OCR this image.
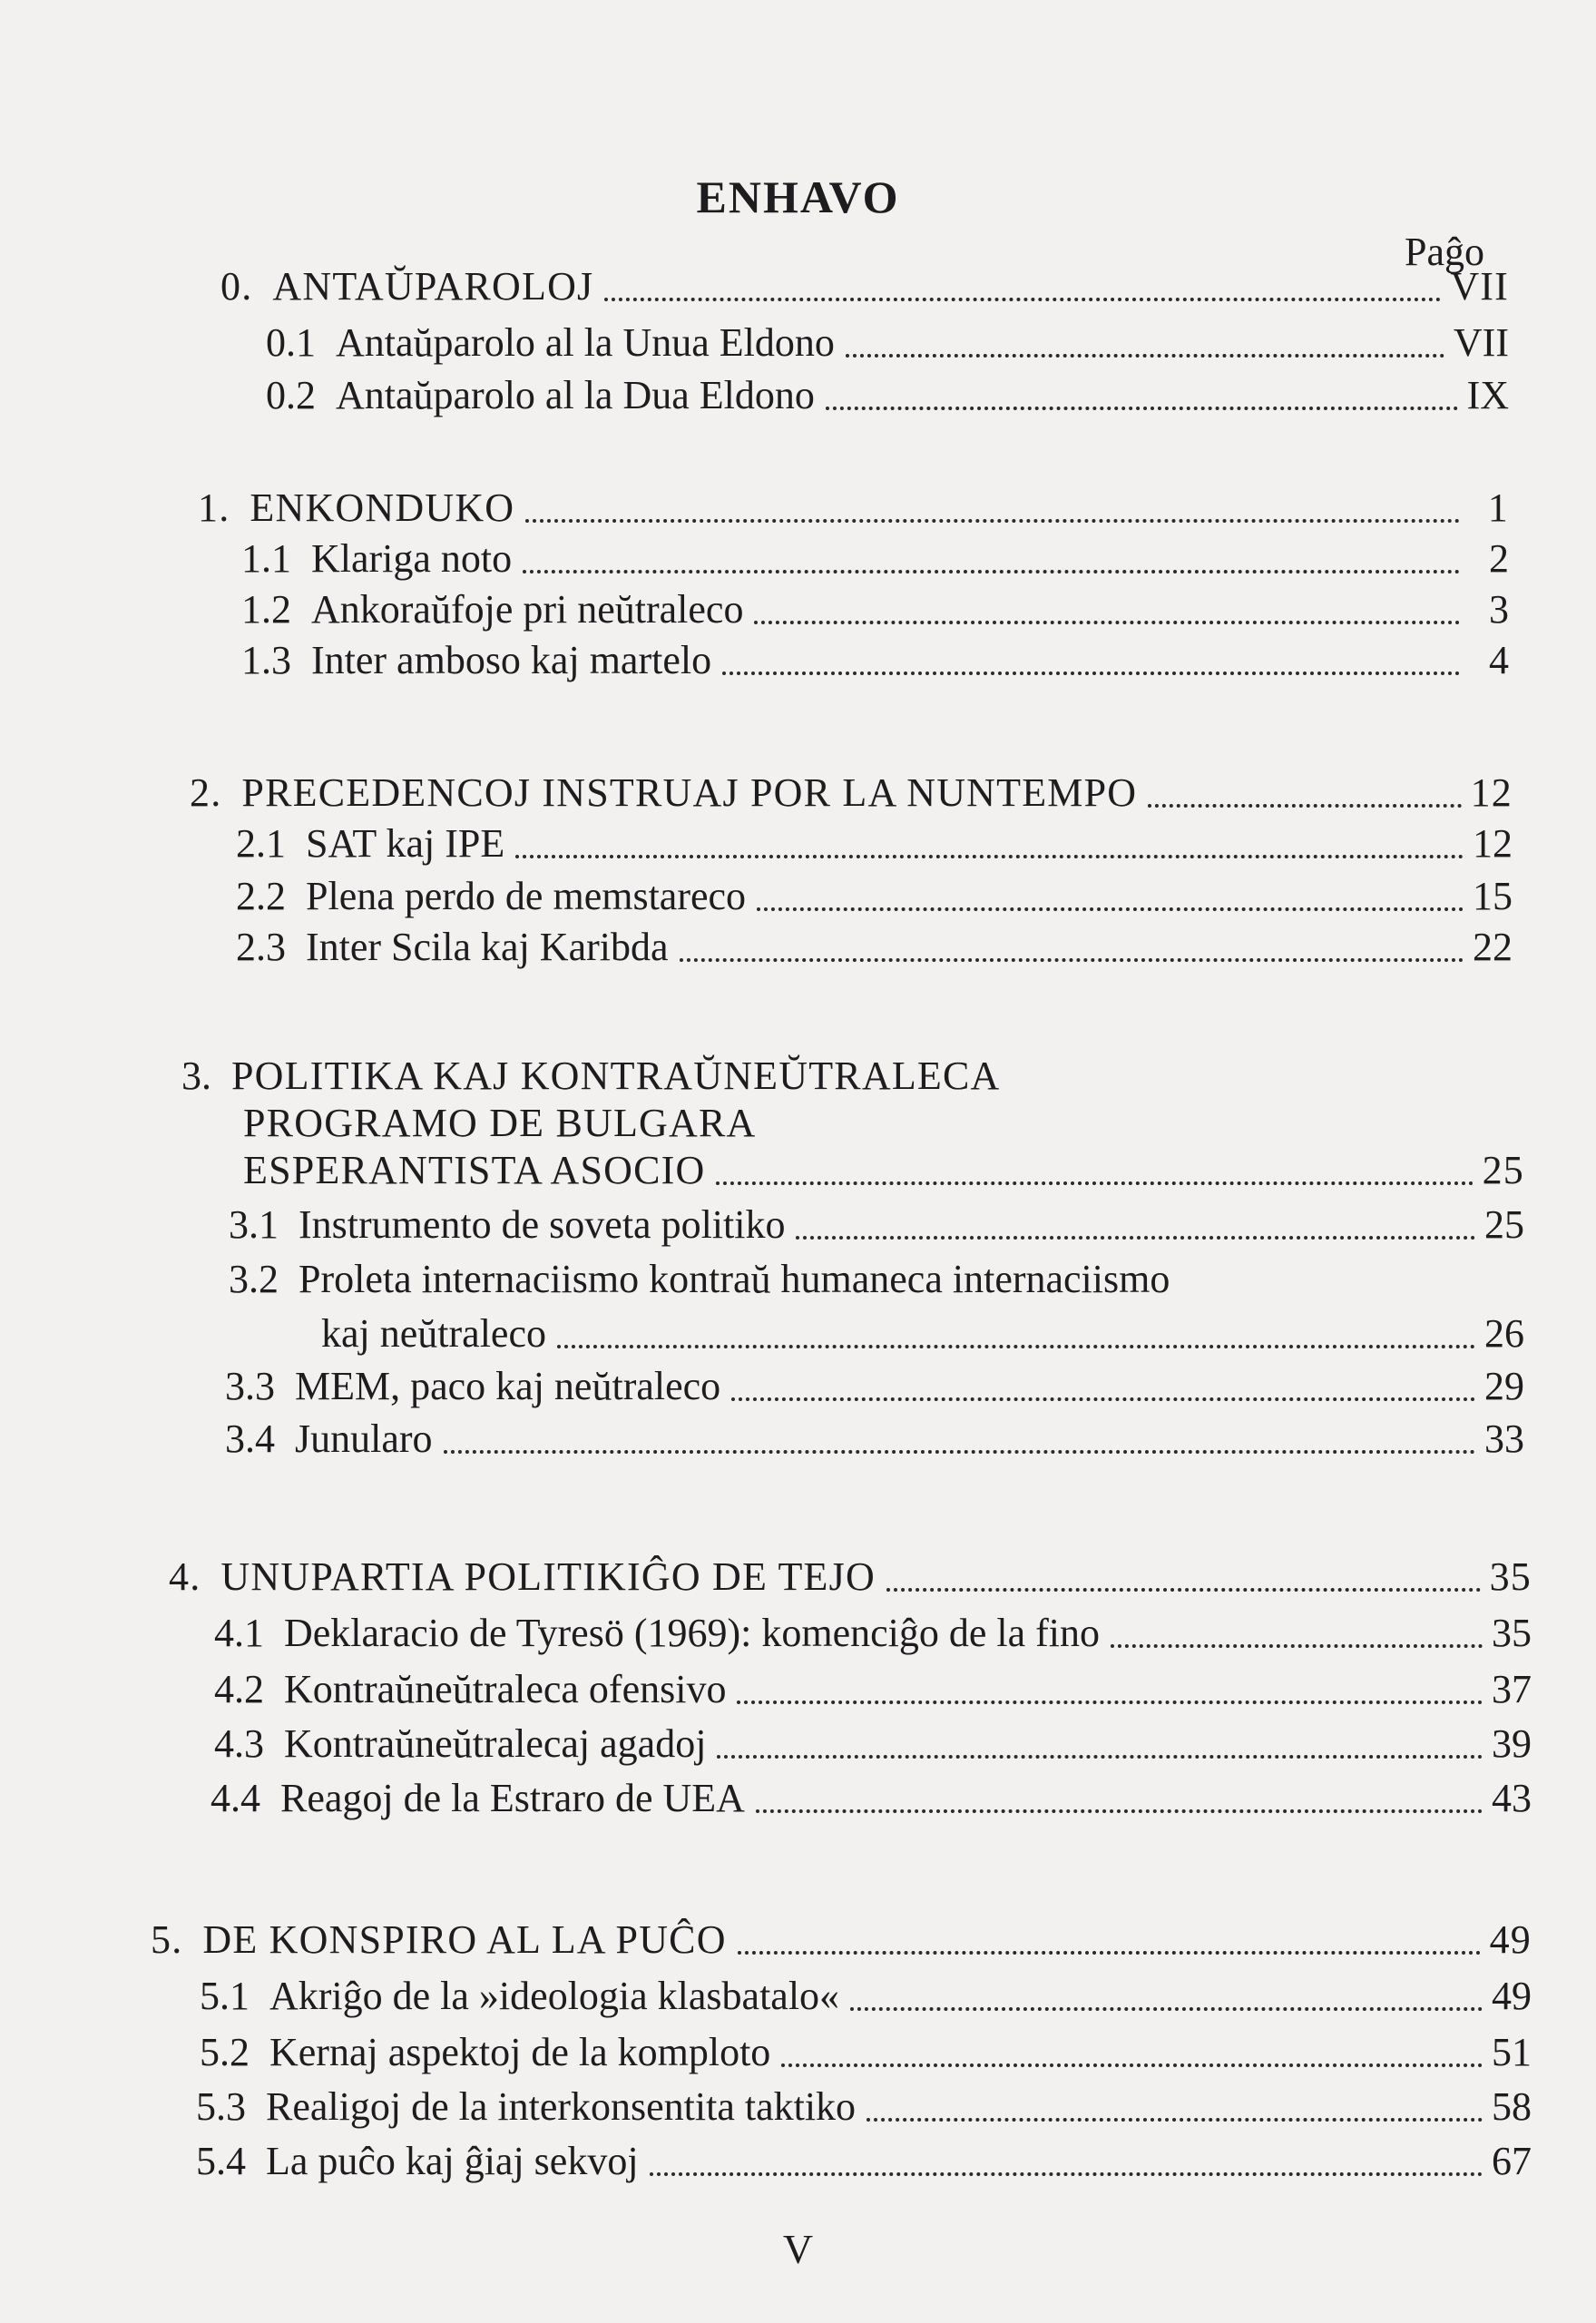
ENHAVO
Paĝo
0. ANTAŬPAROLOJ	VII
0.1 Antaŭparolo al la Unua Eldono	VII
0.2 Antaŭparolo al la Dua Eldono	IX
1. ENKONDUKO	1
1.1 Klariga noto	2
1.2 Ankoraŭfoje pri neŭtraleco	3
1.3 Inter amboso kaj martelo	4
2. PRECEDENCOJ INSTRUAJ POR LA NUNTEMPO	12
2.1 SAT kaj IPE	12
2.2 Plena perdo de memstareco	15
2.3 Inter Scila kaj Karibda	22
3. POLITIKA KAJ KONTRAŬNEŬTRALECA
PROGRAMO DE BULGARA
ESPERANTISTA ASOCIO	25
3.1 Instrumento de soveta politiko	25
3.2 Proleta internaciismo kontraŭ humaneca internaciismo
kaj neŭtraleco	26
3.3 MEM, paco kaj neŭtraleco	29
3.4 Junularo	33
4. UNUPARTIA POLITIKIĜO DE TEJO	35
4.1 Deklaracio de Tyresö (1969): komenciĝo de la fino	35
4.2 Kontraŭneŭtraleca ofensivo	37
4.3 Kontraŭneŭtralecaj agadoj	39
4.4 Reagoj de la Estraro de UEA	43
5. DE KONSPIRO AL LA PUĈO	49
5.1 Akriĝo de la »ideologia klasbatalo«	49
5.2 Kernaj aspektoj de la komploto	51
5.3 Realigoj de la interkonsentita taktiko	58
5.4 La puĉo kaj ĝiaj sekvoj	67
V
